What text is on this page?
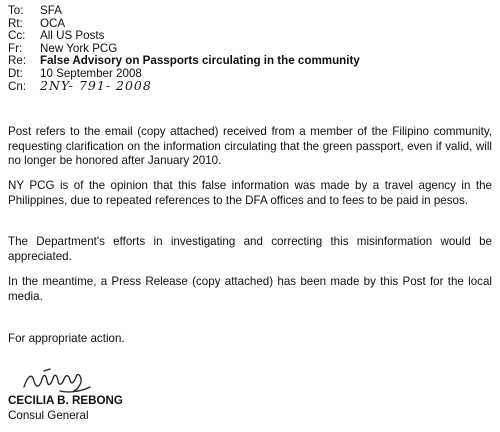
To: SFA
Rt: OCA
Cc: All US Posts
Fr: New York PCG
Re: False Advisory on Passports circulating in the community
Dt: 10 September 2008
Cn: 2NY- 791- 2008

Post refers to the email (copy attached) received from a member of the Filipino community, requesting clarification on the information circulating that the green passport, even if valid, will no longer be honored after January 2010.

NY PCG is of the opinion that this false information was made by a travel agency in the Philippines, due to repeated references to the DFA offices and to fees to be paid in pesos.

The Department's efforts in investigating and correcting this misinformation would be appreciated.

In the meantime, a Press Release (copy attached) has been made by this Post for the local media.

For appropriate action.

CECILIA B. REBONG
Consul General
